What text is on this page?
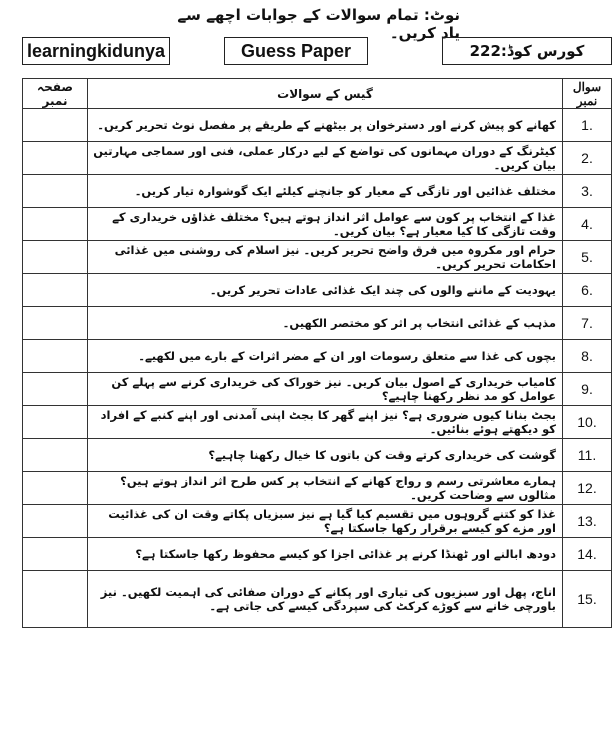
نوٹ: تمام سوالات کے جوابات اچھے سے یاد کریں۔
learningkidunya	Guess Paper	کورس کوڈ:222
صفحہ نمبر	گیس کے سوالات	سوال نمبر
	کھانے کو پیش کرنے اور دسترخوان پر بیٹھنے کے طریقے پر مفصل نوٹ تحریر کریں۔	1.
	کیٹرنگ کے دوران مہمانوں کی تواضع کے لیے درکار عملی، فنی اور سماجی مہارتیں بیان کریں۔	2.
	مختلف غذائیں اور تازگی کے معیار کو جانچنے کیلئے ایک گوشوارہ تیار کریں۔	3.
	غذا کے انتخاب پر کون سے عوامل اثر انداز ہوتے ہیں؟ مختلف غذاؤں خریداری کے وقت تازگی کا کیا معیار ہے؟ بیان کریں۔	4.
	حرام اور مکروہ میں فرق واضح تحریر کریں۔ نیز اسلام کی روشنی میں غذائی احکامات تحریر کریں۔	5.
	یہودیت کے ماننے والوں کی چند ایک غذائی عادات تحریر کریں۔	6.
	مذہب کے غذائی انتخاب پر اثر کو مختصر الکھیں۔	7.
	بچوں کی غذا سے متعلق رسومات اور ان کے مضر اثرات کے بارے میں لکھیے۔	8.
	کامیاب خریداری کے اصول بیان کریں۔ نیز خوراک کی خریداری کرنے سے پہلے کن عوامل کو مد نظر رکھنا چاہیے؟	9.
	بجٹ بنانا کیوں ضروری ہے؟ نیز اپنے گھر کا بجٹ اپنی آمدنی اور اپنے کنبے کے افراد کو دیکھتے ہوئے بنائیں۔	10.
	گوشت کی خریداری کرتے وقت کن باتوں کا خیال رکھنا چاہیے؟	11.
	ہمارے معاشرتی رسم و رواج کھانے کے انتخاب پر کس طرح اثر انداز ہوتے ہیں؟ مثالوں سے وضاحت کریں۔	12.
	غذا کو کتنے گروہوں میں تقسیم کیا گیا ہے نیز سبزیاں پکاتے وقت ان کی غذائیت اور مزے کو کیسے برقرار رکھا جاسکتا ہے؟	13.
	دودھ ابالنے اور ٹھنڈا کرنے پر غذائی اجزا کو کیسے محفوظ رکھا جاسکتا ہے؟	14.
	اناج، پھل اور سبزیوں کی تیاری اور پکانے کے دوران صفائی کی اہمیت لکھیں۔ نیز باورچی خانے سے کوڑے کرکٹ کی سپردگی کیسے کی جاتی ہے۔	15.
